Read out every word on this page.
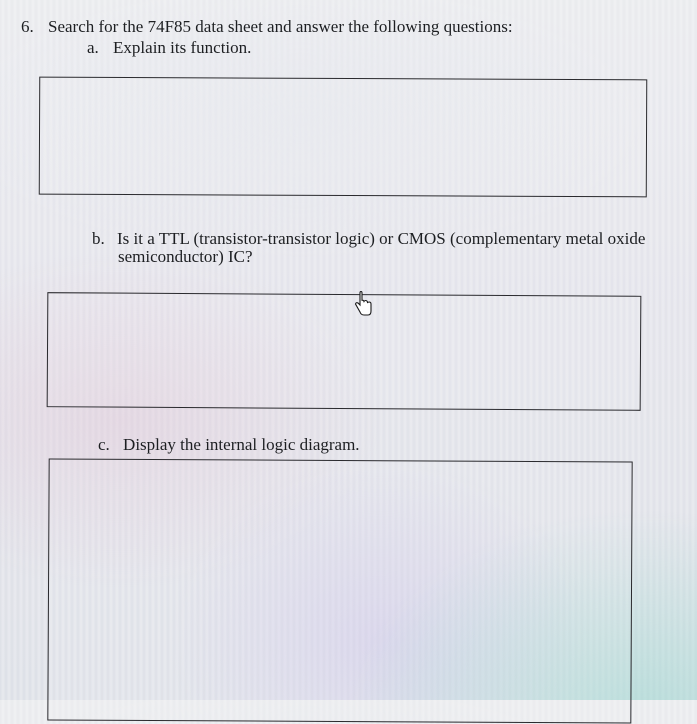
6. Search for the 74F85 data sheet and answer the following questions:
a. Explain its function.
b. Is it a TTL (transistor-transistor logic) or CMOS (complementary metal oxide
semiconductor) IC?
c. Display the internal logic diagram.
